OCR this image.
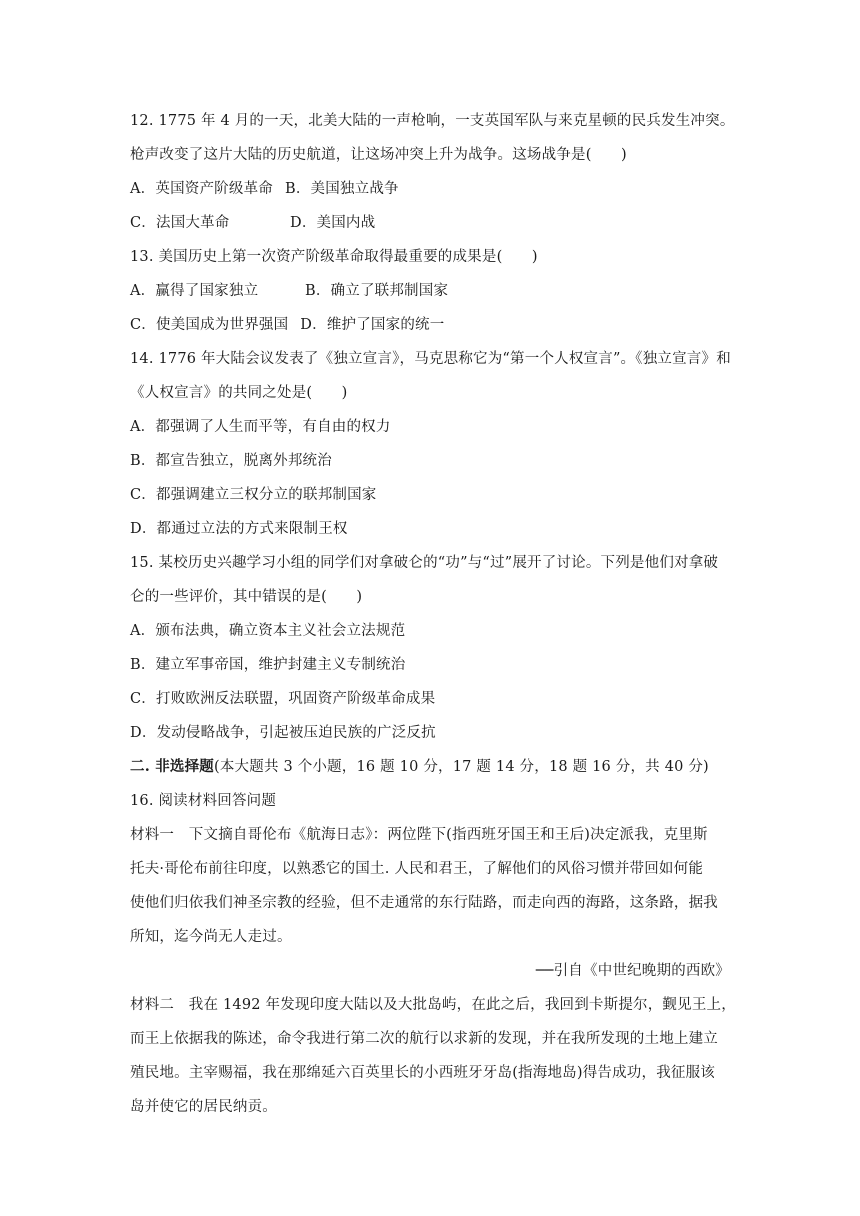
12. 1775 年 4 月的一天，北美大陆的一声枪响，一支英国军队与来克星顿的民兵发生冲突。
枪声改变了这片大陆的历史航道，让这场冲突上升为战争。这场战争是(　　)
A．英国资产阶级革命 B．美国独立战争
C．法国大革命	D．美国内战
13. 美国历史上第一次资产阶级革命取得最重要的成果是(　　)
A．赢得了国家独立	B．确立了联邦制国家
C．使美国成为世界强国 D．维护了国家的统一
14. 1776 年大陆会议发表了《独立宣言》，马克思称它为“第一个人权宣言”。《独立宣言》和
《人权宣言》的共同之处是(　　)
A．都强调了人生而平等，有自由的权力
B．都宣告独立，脱离外邦统治
C．都强调建立三权分立的联邦制国家
D．都通过立法的方式来限制王权
15. 某校历史兴趣学习小组的同学们对拿破仑的“功”与“过”展开了讨论。下列是他们对拿破
仑的一些评价，其中错误的是(　　)
A．颁布法典，确立资本主义社会立法规范
B．建立军事帝国，维护封建主义专制统治
C．打败欧洲反法联盟，巩固资产阶级革命成果
D．发动侵略战争，引起被压迫民族的广泛反抗
二. 非选择题(本大题共 3 个小题，16 题 10 分，17 题 14 分，18 题 16 分，共 40 分)
16. 阅读材料回答问题
材料一　下文摘自哥伦布《航海日志》：两位陛下(指西班牙国王和王后)决定派我，克里斯
托夫·哥伦布前往印度，以熟悉它的国土. 人民和君王，了解他们的风俗习惯并带回如何能
使他们归依我们神圣宗教的经验，但不走通常的东行陆路，而走向西的海路，这条路，据我
所知，迄今尚无人走过。
──引自《中世纪晚期的西欧》
材料二　我在 1492 年发现印度大陆以及大批岛屿，在此之后，我回到卡斯提尔，觐见王上，
而王上依据我的陈述，命令我进行第二次的航行以求新的发现，并在我所发现的土地上建立
殖民地。主宰赐福，我在那绵延六百英里长的小西班牙牙岛(指海地岛)得告成功，我征服该
岛并使它的居民纳贡。
